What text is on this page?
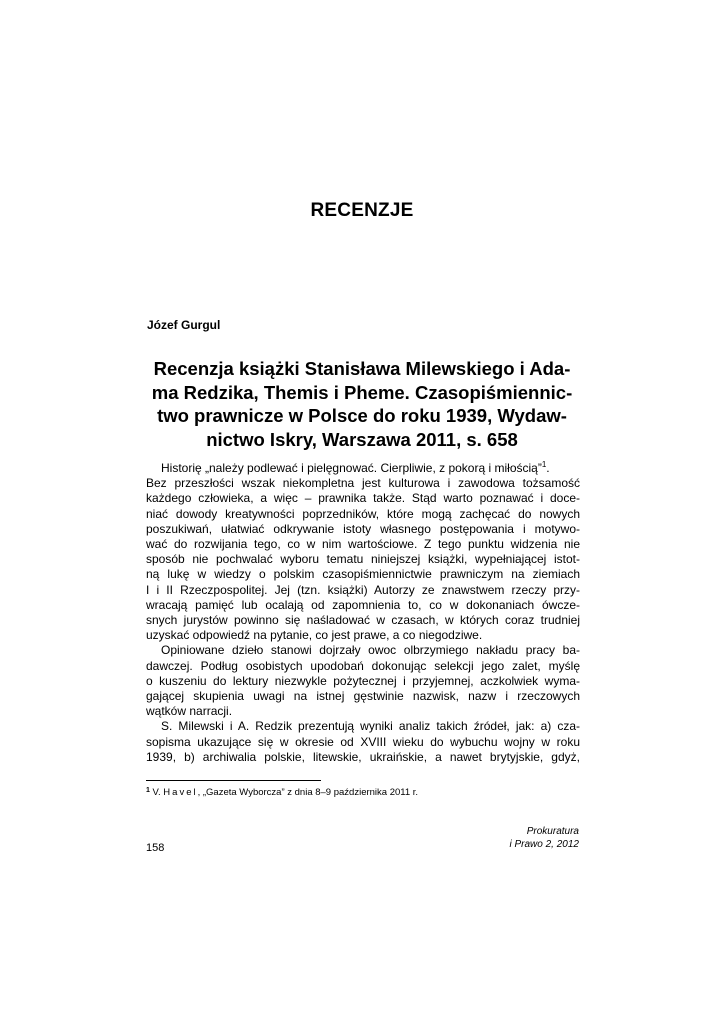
RECENZJE
Józef Gurgul
Recenzja książki Stanisława Milewskiego i Ada-
ma Redzika, Themis i Pheme. Czasopiśmiennic-
two prawnicze w Polsce do roku 1939, Wydaw-
nictwo Iskry, Warszawa 2011, s. 658
Historię „należy podlewać i pielęgnować. Cierpliwie, z pokorą i miłością”$^1$.
Bez przeszłości wszak niekompletna jest kulturowa i zawodowa tożsamość
każdego człowieka, a więc – prawnika także. Stąd warto poznawać i doce-
niać dowody kreatywności poprzedników, które mogą zachęcać do nowych
poszukiwań, ułatwiać odkrywanie istoty własnego postępowania i motywo-
wać do rozwijania tego, co w nim wartościowe. Z tego punktu widzenia nie
sposób nie pochwalać wyboru tematu niniejszej książki, wypełniającej istot-
ną lukę w wiedzy o polskim czasopiśmiennictwie prawniczym na ziemiach
I i II Rzeczpospolitej. Jej (tzn. książki) Autorzy ze znawstwem rzeczy przy-
wracają pamięć lub ocalają od zapomnienia to, co w dokonaniach ówcze-
snych jurystów powinno się naśladować w czasach, w których coraz trudniej
uzyskać odpowiedź na pytanie, co jest prawe, a co niegodziwe.
Opiniowane dzieło stanowi dojrzały owoc olbrzymiego nakładu pracy ba-
dawczej. Podług osobistych upodobań dokonując selekcji jego zalet, myślę
o kuszeniu do lektury niezwykle pożytecznej i przyjemnej, aczkolwiek wyma-
gającej skupienia uwagi na istnej gęstwinie nazwisk, nazw i rzeczowych
wątków narracji.
S. Milewski i A. Redzik prezentują wyniki analiz takich źródeł, jak: a) cza-
sopisma ukazujące się w okresie od XVIII wieku do wybuchu wojny w roku
1939, b) archiwalia polskie, litewskie, ukraińskie, a nawet brytyjskie, gdyż,
$^1$ V. Havel, „Gazeta Wyborcza” z dnia 8–9 października 2011 r.
158
Prokuratura
i Prawo 2, 2012
